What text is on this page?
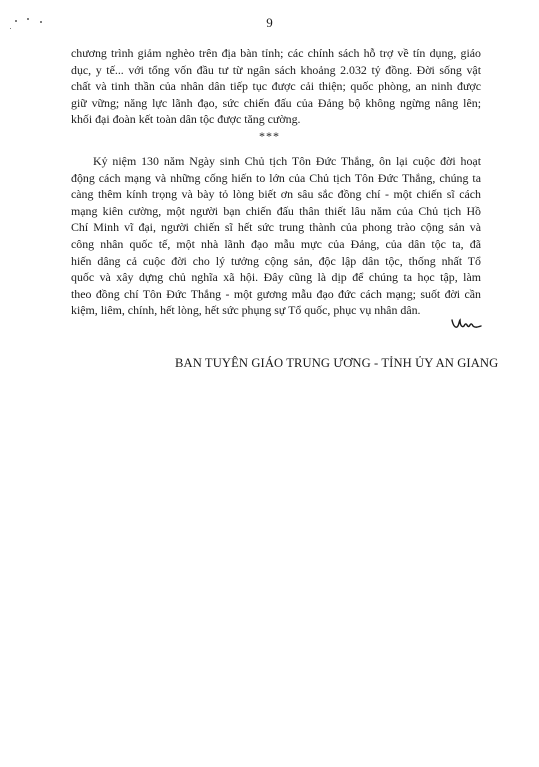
9
chương trình giảm nghèo trên địa bàn tỉnh; các chính sách hỗ trợ về tín dụng, giáo
dục, y tế... với tổng vốn đầu tư từ ngân sách khoảng 2.032 tỷ đồng. Đời sống vật
chất và tinh thần của nhân dân tiếp tục được cải thiện; quốc phòng, an ninh được
giữ vững; năng lực lãnh đạo, sức chiến đấu của Đảng bộ không ngừng nâng lên;
khối đại đoàn kết toàn dân tộc được tăng cường.
***
Kỷ niệm 130 năm Ngày sinh Chủ tịch Tôn Đức Thắng, ôn lại cuộc đời hoạt
động cách mạng và những cống hiến to lớn của Chủ tịch Tôn Đức Thắng, chúng ta
càng thêm kính trọng và bày tỏ lòng biết ơn sâu sắc đồng chí - một chiến sĩ cách
mạng kiên cường, một người bạn chiến đấu thân thiết lâu năm của Chủ tịch Hồ
Chí Minh vĩ đại, người chiến sĩ hết sức trung thành của phong trào cộng sản và
công nhân quốc tế, một nhà lãnh đạo mẫu mực của Đảng, của dân tộc ta, đã
hiến dâng cả cuộc đời cho lý tưởng cộng sản, độc lập dân tộc, thống nhất Tổ
quốc và xây dựng chủ nghĩa xã hội. Đây cũng là dịp để chúng ta học tập, làm
theo đồng chí Tôn Đức Thắng - một gương mẫu đạo đức cách mạng; suốt đời cần
kiệm, liêm, chính, hết lòng, hết sức phụng sự Tổ quốc, phục vụ nhân dân.
BAN TUYÊN GIÁO TRUNG ƯƠNG - TỈNH ỦY AN GIANG
